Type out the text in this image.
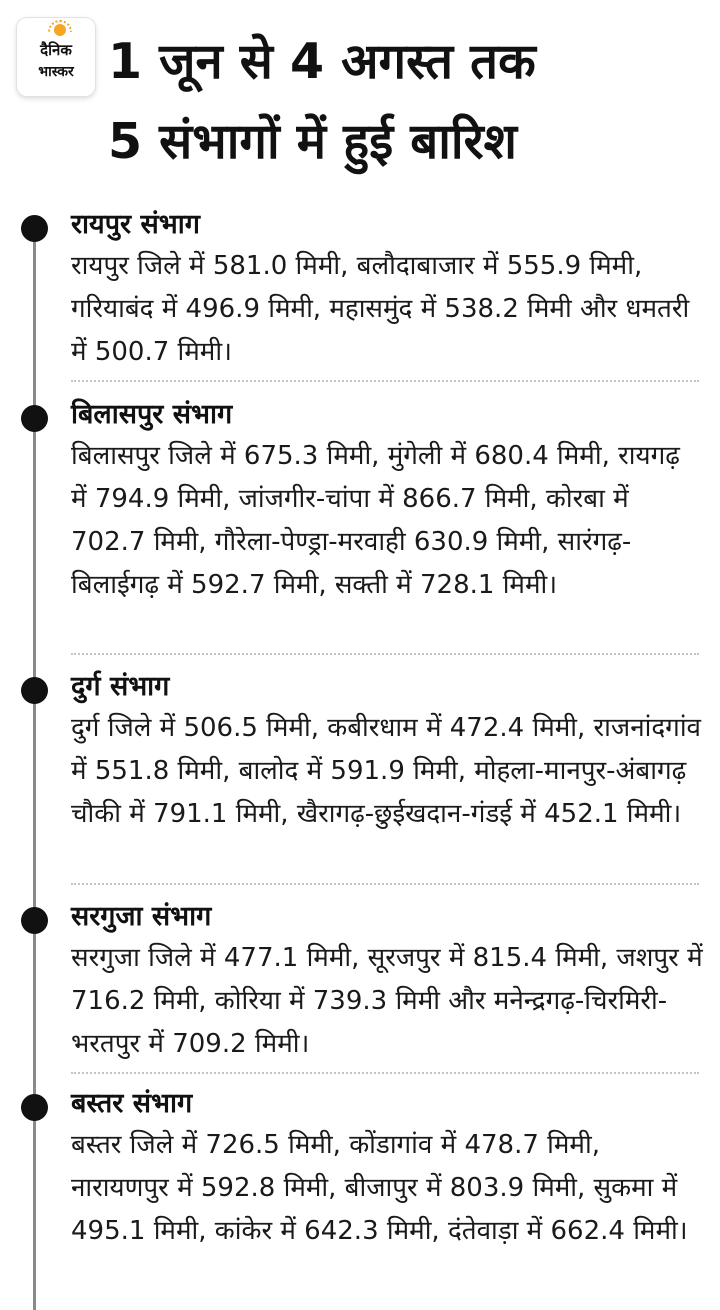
दैनिक
भास्कर 1 जून से 4 अगस्त तक
5 संभागों में हुई बारिश
रायपुर संभाग
रायपुर जिले में 581.0 मिमी, बलौदाबाजार में 555.9 मिमी, गरियाबंद में 496.9 मिमी, महासमुंद में 538.2 मिमी और धमतरी में 500.7 मिमी।
बिलासपुर संभाग
बिलासपुर जिले में 675.3 मिमी, मुंगेली में 680.4 मिमी, रायगढ़ में 794.9 मिमी, जांजगीर-चांपा में 866.7 मिमी, कोरबा में 702.7 मिमी, गौरेला-पेण्ड्रा-मरवाही 630.9 मिमी, सारंगढ़-बिलाईगढ़ में 592.7 मिमी, सक्ती में 728.1 मिमी।
दुर्ग संभाग
दुर्ग जिले में 506.5 मिमी, कबीरधाम में 472.4 मिमी, राजनांदगांव में 551.8 मिमी, बालोद में 591.9 मिमी, मोहला-मानपुर-अंबागढ़ चौकी में 791.1 मिमी, खैरागढ़-छुईखदान-गंडई में 452.1 मिमी।
सरगुजा संभाग
सरगुजा जिले में 477.1 मिमी, सूरजपुर में 815.4 मिमी, जशपुर में 716.2 मिमी, कोरिया में 739.3 मिमी और मनेन्द्रगढ़-चिरमिरी-भरतपुर में 709.2 मिमी।
बस्तर संभाग
बस्तर जिले में 726.5 मिमी, कोंडागांव में 478.7 मिमी, नारायणपुर में 592.8 मिमी, बीजापुर में 803.9 मिमी, सुकमा में 495.1 मिमी, कांकेर में 642.3 मिमी, दंतेवाड़ा में 662.4 मिमी।
